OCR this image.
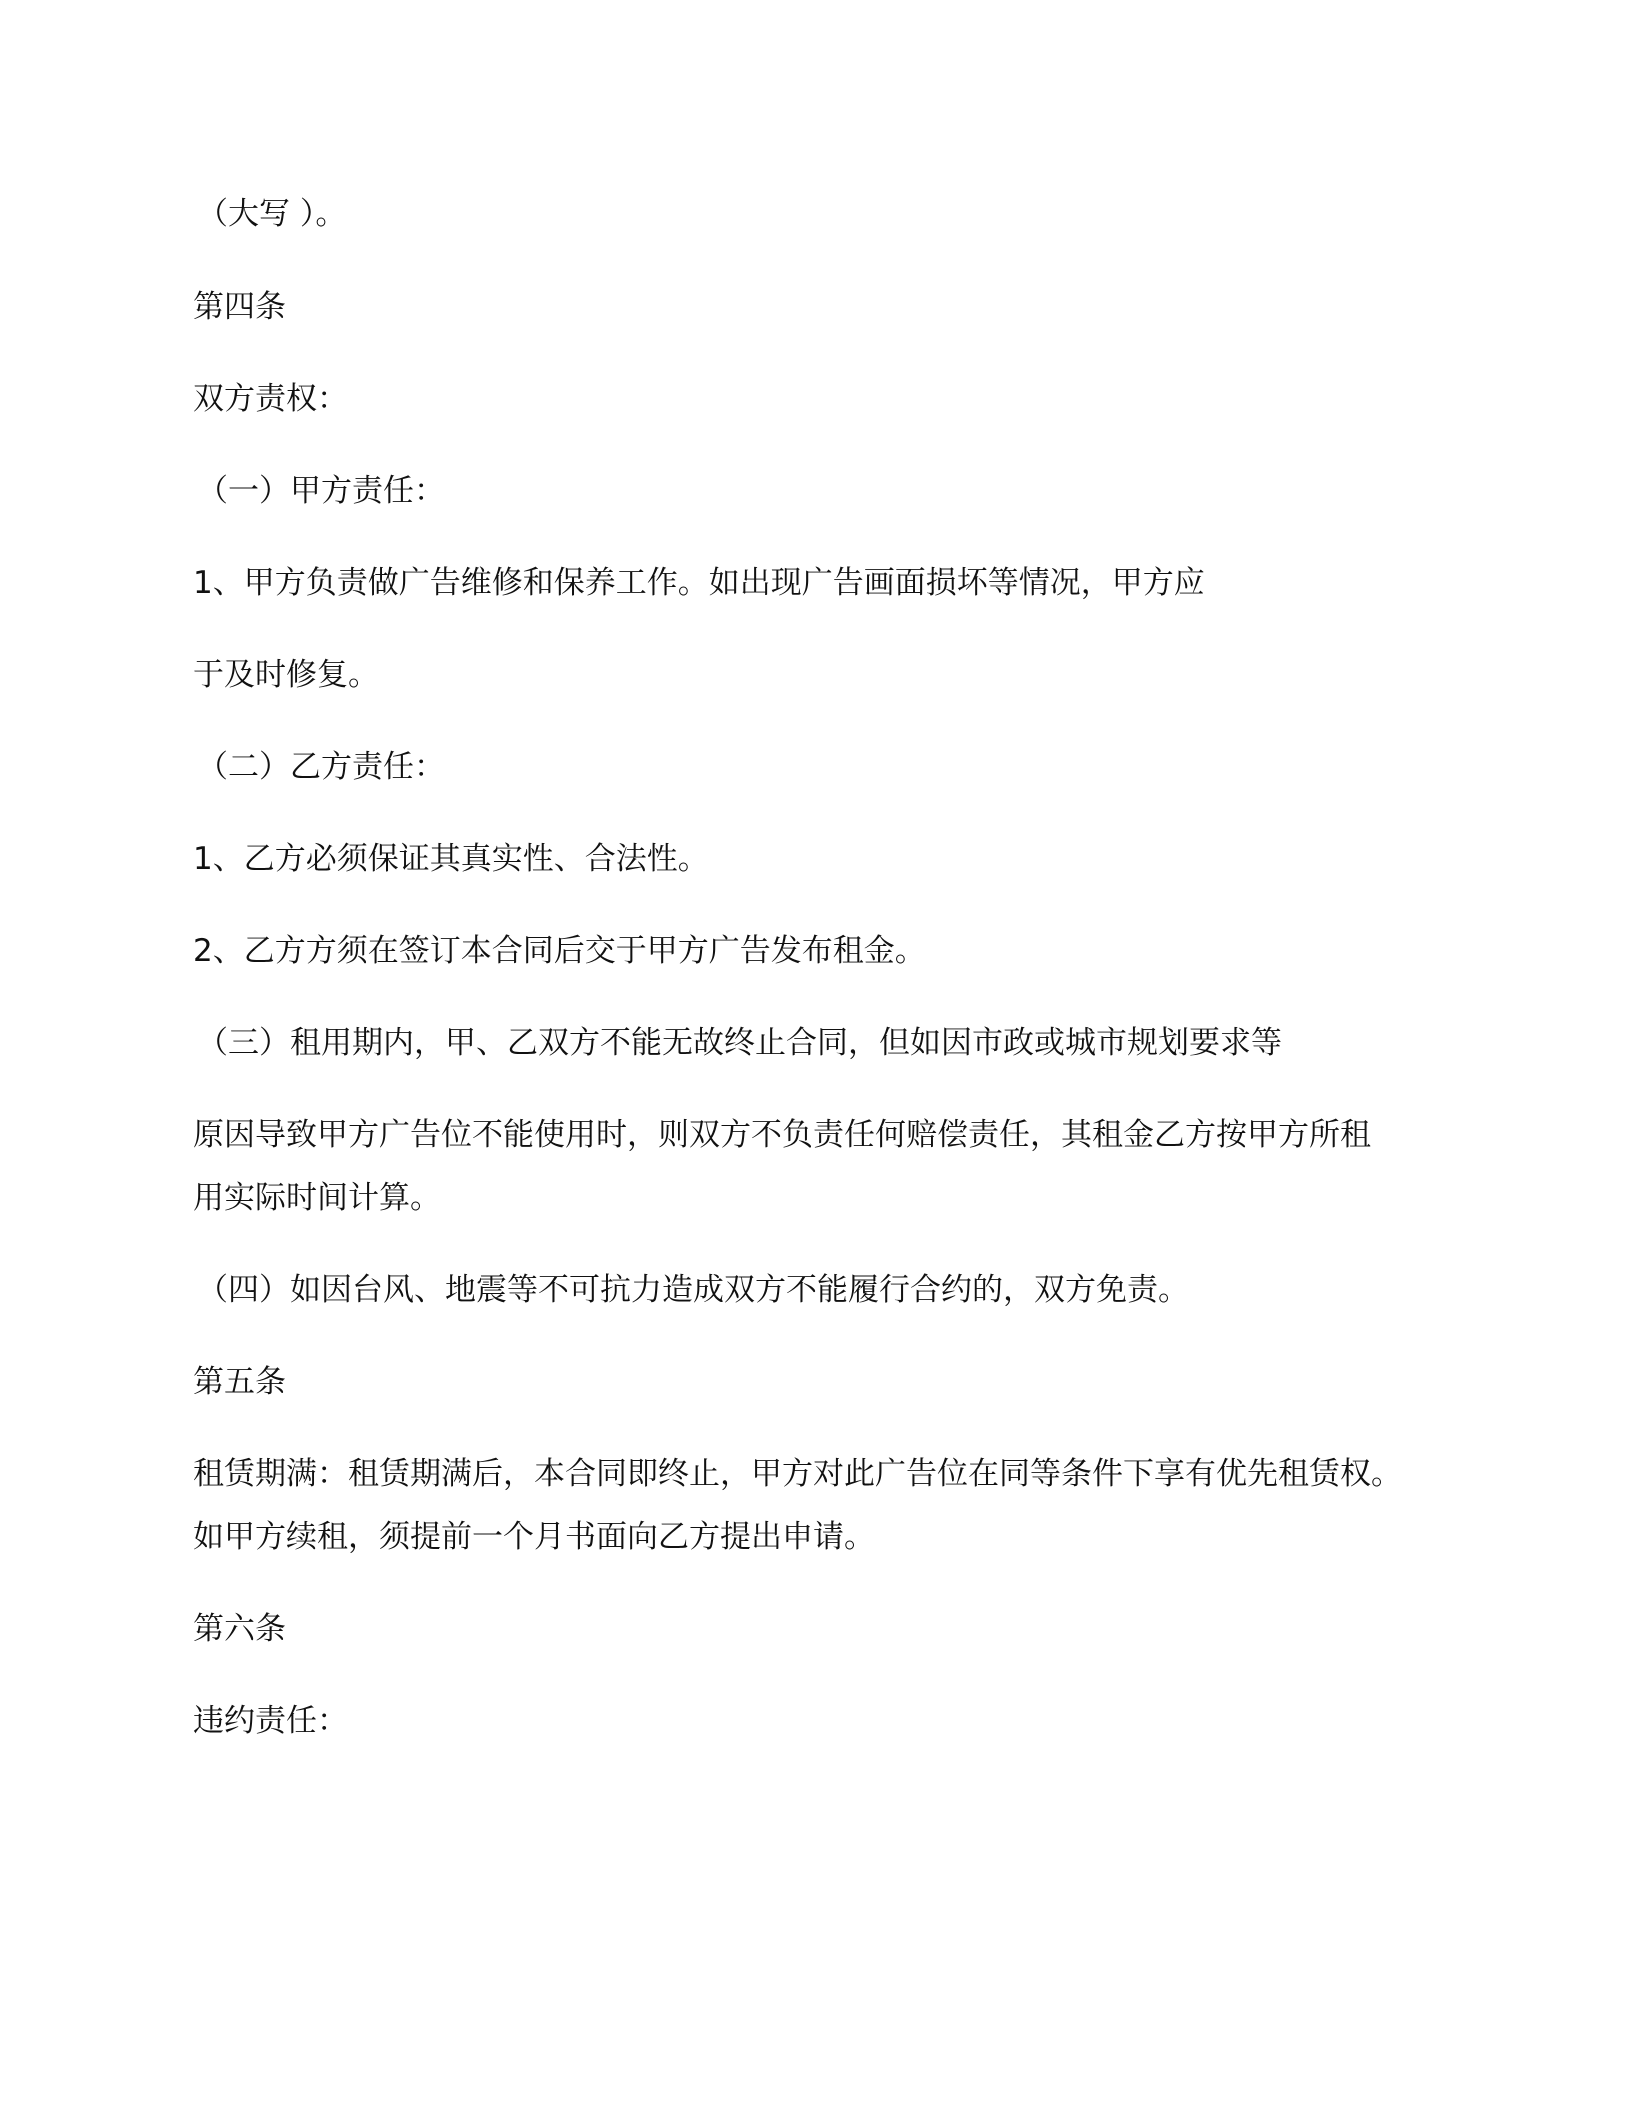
（大写 ）。

第四条

双方责权：

（一）甲方责任：

1、甲方负责做广告维修和保养工作。如出现广告画面损坏等情况，甲方应

于及时修复。

（二）乙方责任：

1、乙方必须保证其真实性、合法性。

2、乙方方须在签订本合同后交于甲方广告发布租金。

（三）租用期内，甲、乙双方不能无故终止合同，但如因市政或城市规划要求等

原因导致甲方广告位不能使用时，则双方不负责任何赔偿责任，其租金乙方按甲方所租

用实际时间计算。

（四）如因台风、地震等不可抗力造成双方不能履行合约的，双方免责。

第五条

租赁期满：租赁期满后，本合同即终止，甲方对此广告位在同等条件下享有优先租赁权。

如甲方续租，须提前一个月书面向乙方提出申请。

第六条

违约责任：
